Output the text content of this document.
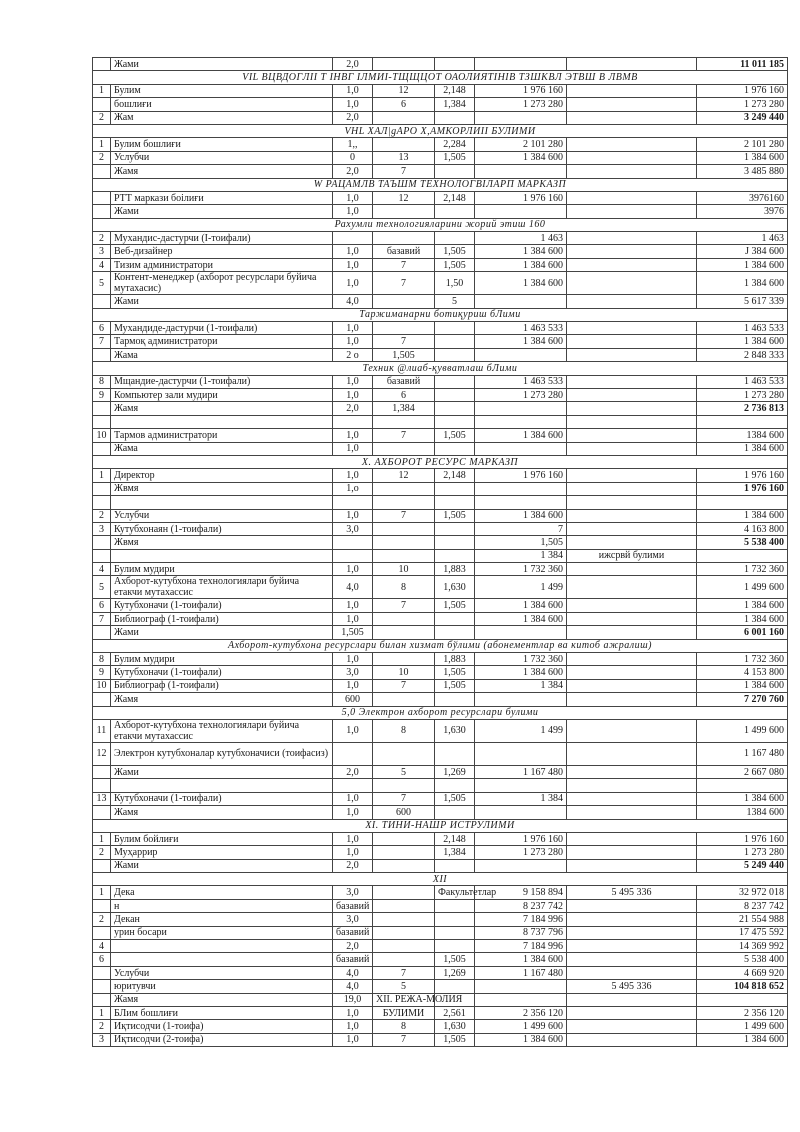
	Жами	2,0					11 011 185
VIL ВЦВДОГЛІІ Т ІНВГ ІЛМИІ-ТЩЩЦОТ ОАОЛИЯТІНІВ ТЗШКВЛ ЭТВШ В ЛВМВ							
1	Булим	1,0	12	2,148	1 976 160		1 976 160
	бошлиғи	1,0	6	1,384	1 273 280		1 273 280
2	Жам	2,0					3 249 440
VHL ХАЛ|gАРО Х,АМКОРЛИІІ БУЛИМИ							
1	Булим бошлиғи	1,,		2,284	2 101 280		2 101 280
2	Услубчи	0	13	1,505	1 384 600		1 384 600
	Жамя	2,0	7				3 485 880
W РАЦАМЛВ ТАЪШМ ТЕХНОЛОГВІЛАРП МАРКАЗП							
	РТТ маркази боілиғи	1,0	12	2,148	1 976 160		3976160
	Жами	1,0					3976
Рахумли технологияларини жорий этиш 160							
2	Мухандис-дастурчи (I-тоифали)				1 463		1 463
3	Веб-дизайнер	1,0	базавий	1,505	1 384 600		J 384 600
4	Тизим администратори	1,0	7	1,505	1 384 600		1 384 600
5	Контент-менеджер (ахборот ресурслари буйича мутахасис)	1,0	7	1,50	1 384 600		1 384 600
	Жами	4,0		5			5 617 339
Таржиманарни ботиқуриш бЛими							
6	Мухандиде-дастурчи (1-тоифали)	1,0			1 463 533		1 463 533
7	Тармоқ администратори	1,0	7		1 384 600		1 384 600
	Жама	2 о	1,505				2 848 333
Техник @лиаб-қувватлаш бЛими							
8	Мщандие-дастурчи (1-тоифали)	1,0	базавий		1 463 533		1 463 533
9	Компьютер зали мудири	1,0	6		1 273 280		1 273 280
	Жамя	2,0	1,384				2 736 813

10	Тармов администратори	1,0	7	1,505	1 384 600		1384 600
	Жама	1,0					1 384 600
X. АХБОРОТ РЕСУРС МАРКАЗП							
1	Директор	1,0	12	2,148	1 976 160		1 976 160
	Жвмя	1,о					1 976 160

2	Услубчи	1,0	7	1,505	1 384 600		1 384 600
3	Кутубхонаян (1-тоифали)	3,0			7		4 163 800
	Жвмя				1,505		5 538 400
					1 384	ижсрвй булими	
4	Булим мудири	1,0	10	1,883	1 732 360		1 732 360
5	Ахборот-кутубхона технологиялари буйича етакчи мутахассис	4,0	8	1,630	1 499		1 499 600
6	Кутубхоначи (1-тоифали)	1,0	7	1,505	1 384 600		1 384 600
7	Библиограф (1-тоифали)	1,0			1 384 600		1 384 600
	Жами	1,505					6 001 160
Ахборот-кутубхона ресурслари билан хизмат бўлими (абонементлар ва китоб ажралиш)							
8	Булим мудири	1,0		1,883	1 732 360		1 732 360
9	Кутубхоначи (1-тоифали)	3,0	10	1,505	1 384 600		4 153 800
10	Библиограф (1-тоифали)	1,0	7	1,505	1 384		1 384 600
	Жамя	600					7 270 760
5,0 Электрон ахборот ресурслари булими							
11	Ахборот-кутубхона технологиялари буйича етакчи мутахассис	1,0	8	1,630	1 499		1 499 600
12	Электрон кутубхоналар кутубхоначиси (тоифасиз)						1 167 480
	Жами	2,0	5	1,269	1 167 480		2 667 080

13	Кутубхоначи (1-тоифали)	1,0	7	1,505	1 384		1 384 600
	Жамя	1,0	600				1384 600
XI. ТИНИ-НАШР ИСТРУЛИМИ							
1	Булим бойлиғи	1,0		2,148	1 976 160		1 976 160
2	Муҳаррир	1,0		1,384	1 273 280		1 273 280
	Жами	2,0					5 249 440
XII							
1	Дека	3,0		Факультетлар	9 158 894	5 495 336	32 972 018
	н	базавий			8 237 742		8 237 742
2	Декан	3,0			7 184 996		21 554 988
	урин босари	базавий			8 737 796		17 475 592
4		2,0			7 184 996		14 369 992
6		базавий		1,505	1 384 600		5 538 400
	Услубчи	4,0	7	1,269	1 167 480		4 669 920
	юритувчи	4,0	5			5 495 336	104 818 652
	Жамя	19,0	XII. РЕЖА-МОЛИЯ				
1	БЛим бошлиғи	1,0	БУЛИМИ	2,561	2 356 120		2 356 120
2	Иқтисодчи (1-тоифа)	1,0	8	1,630	1 499 600		1 499 600
3	Иқтисодчи (2-тоифа)	1,0	7	1,505	1 384 600		1 384 600
